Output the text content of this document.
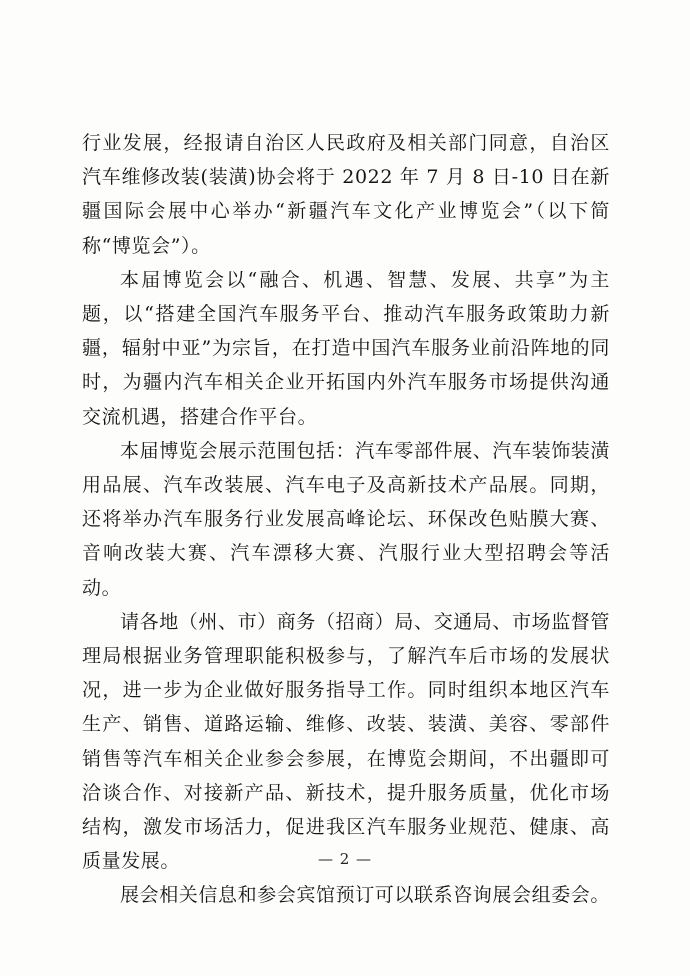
行业发展，经报请自治区人民政府及相关部门同意，自治区汽车维修改装(装潢)协会将于 2022 年 7 月 8 日-10 日在新疆国际会展中心举办“新疆汽车文化产业博览会”（以下简称“博览会”）。

本届博览会以“融合、机遇、智慧、发展、共享”为主题，以“搭建全国汽车服务平台、推动汽车服务政策助力新疆，辐射中亚”为宗旨，在打造中国汽车服务业前沿阵地的同时，为疆内汽车相关企业开拓国内外汽车服务市场提供沟通交流机遇，搭建合作平台。

本届博览会展示范围包括：汽车零部件展、汽车装饰装潢用品展、汽车改装展、汽车电子及高新技术产品展。同期，还将举办汽车服务行业发展高峰论坛、环保改色贴膜大赛、音响改装大赛、汽车漂移大赛、汽服行业大型招聘会等活动。

请各地（州、市）商务（招商）局、交通局、市场监督管理局根据业务管理职能积极参与，了解汽车后市场的发展状况，进一步为企业做好服务指导工作。同时组织本地区汽车生产、销售、道路运输、维修、改装、装潢、美容、零部件销售等汽车相关企业参会参展，在博览会期间，不出疆即可洽谈合作、对接新产品、新技术，提升服务质量，优化市场结构，激发市场活力，促进我区汽车服务业规范、健康、高质量发展。

展会相关信息和参会宾馆预订可以联系咨询展会组委会。

— 2 —
